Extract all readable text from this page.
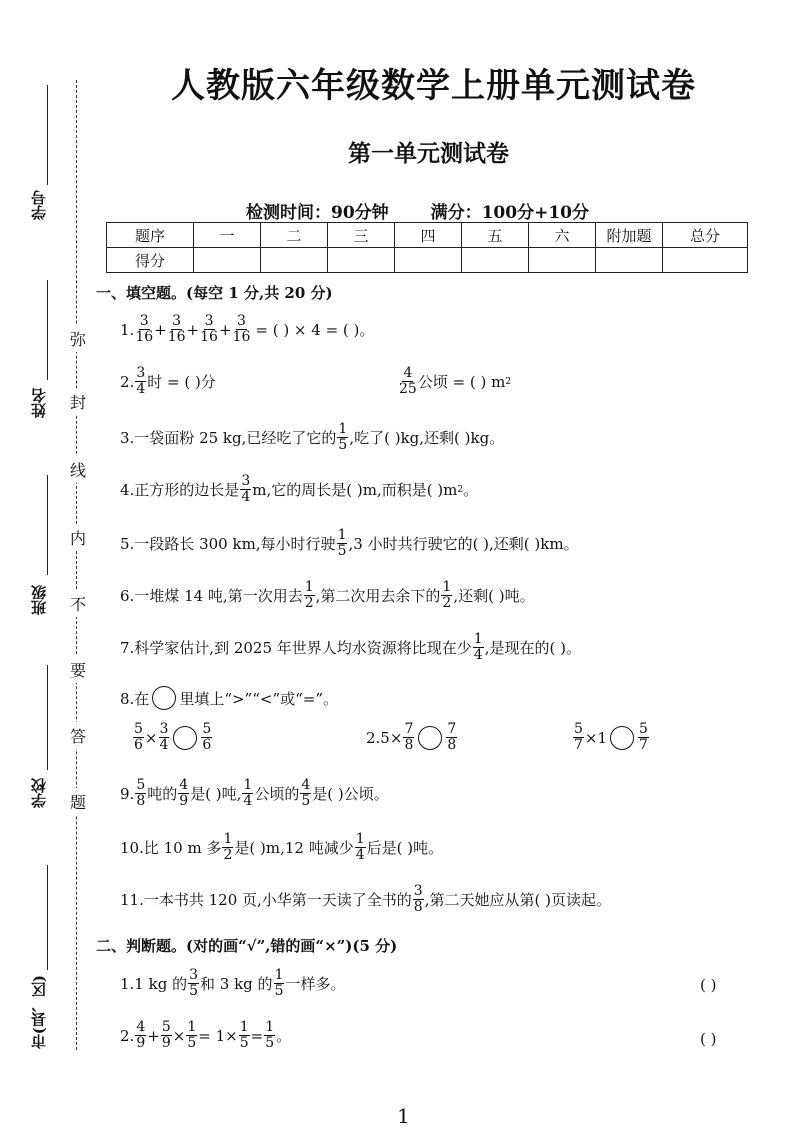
人教版六年级数学上册单元测试卷
第一单元测试卷
检测时间：90分钟 满分：100分+10分
题序	一	二	三	四	五	六	附加题	总分
得分								
学号
姓名
班级
学校
市(县、区)
弥
封
线
内
不
要
答
题
一、填空题。(每空 1 分,共 20 分)
1. $\frac{3}{16} + \frac{3}{16} + \frac{3}{16} + \frac{3}{16}$ = ( ) × 4 = ( )。
2. $\frac{3}{4}$ 时 = ( )分	$\frac{4}{25}$ 公顷 = ( ) m 2
3.一袋面粉 25 kg,已经吃了它的 $\frac{1}{5}$ ,吃了( )kg,还剩( )kg。
4.正方形的边长是 $\frac{3}{4} m$,它的周长是( )m,而积是( )m 2 。
5.一段路长 300 km,每小时行驶 $\frac{1}{5} ,3$ 小时共行驶它的( ),还剩( )km。
6.一堆煤 14 吨,第一次用去 $\frac{1}{2}$ ,第二次用去余下的 $\frac{1}{2}$ ,还剩( )吨。
7.科学家估计,到 2025 年世界人均水资源将比现在少 $\frac{1}{4}$ ,是现在的( )。
8.在 里填上“>”“<”或“=”。
$\frac{5}{6} \times \frac{3}{4} \frac{5}{6}$	$2.5\times \frac{7}{8} \frac{7}{8}$	$\frac{5}{7} \times 1 \frac{5}{7}$
9. $\frac{5}{8}$ 吨的 $\frac{4}{9}$ 是( )吨, $\frac{1}{4}$ 公顷的 $\frac{4}{5}$ 是( )公顷。
10.比 10 m 多 $\frac{1}{2}$ 是( )m,12 吨减少 $\frac{1}{4}$ 后是( )吨。
11.一本书共 120 页,小华第一天读了全书的 $\frac{3}{8}$ ,第二天她应从第( )页读起。
二、判断题。(对的画“√”,错的画“×”)(5 分)
1.1 kg 的 $\frac{3}{5}$ 和 3 kg 的 $\frac{1}{5}$ 一样多。	( )
2. $\frac{4}{9} + \frac{5}{9} \times \frac{1}{5} = 1\times \frac{1}{5} = \frac{1}{5}$ 。	( )
1
